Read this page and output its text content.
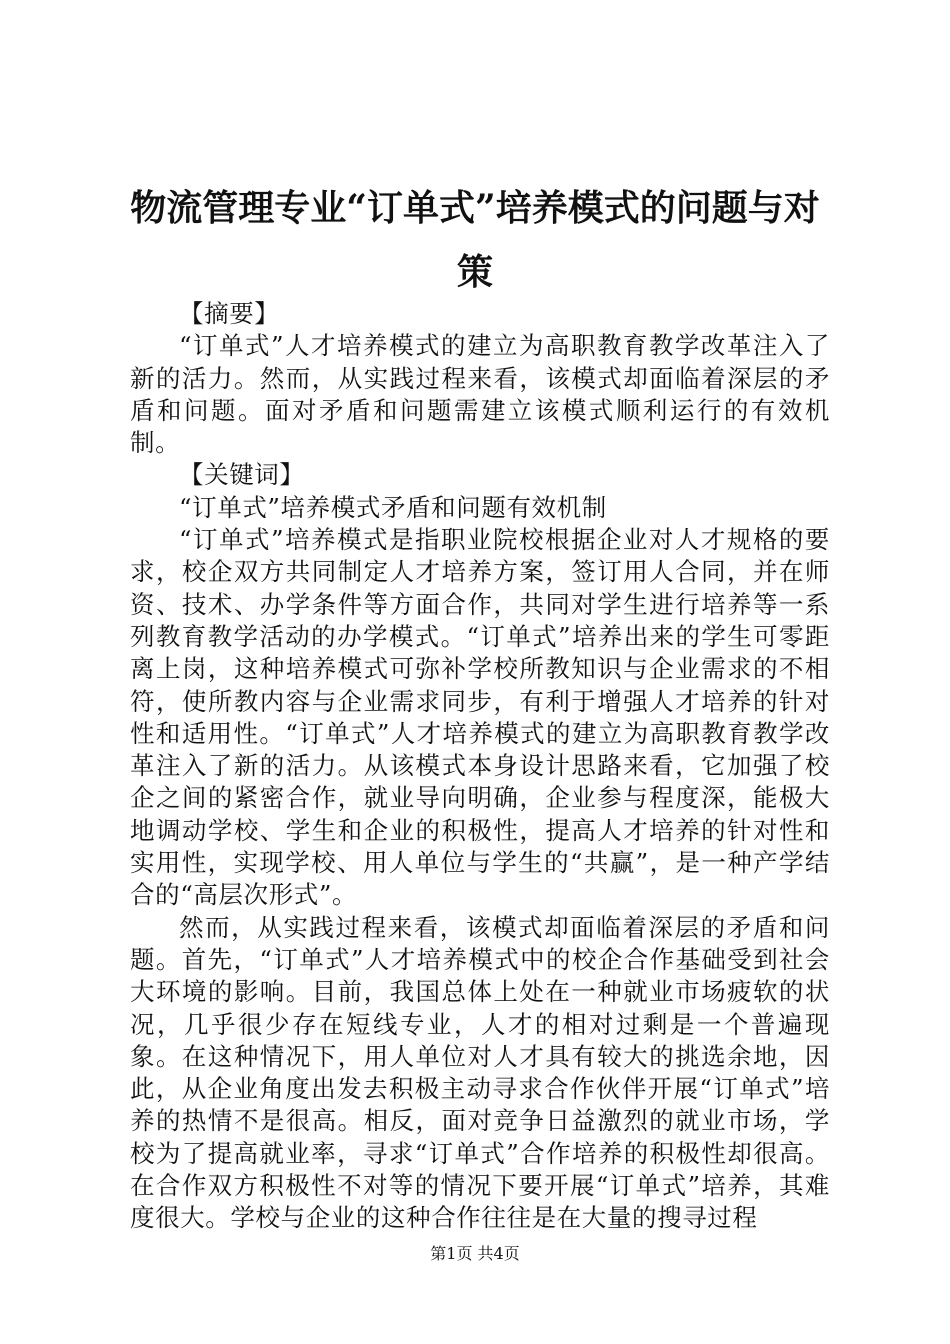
物流管理专业“订单式”培养模式的问题与对策

【摘要】

“订单式”人才培养模式的建立为高职教育教学改革注入了新的活力。然而，从实践过程来看，该模式却面临着深层的矛盾和问题。面对矛盾和问题需建立该模式顺利运行的有效机制。

【关键词】

“订单式”培养模式矛盾和问题有效机制

“订单式”培养模式是指职业院校根据企业对人才规格的要求，校企双方共同制定人才培养方案，签订用人合同，并在师资、技术、办学条件等方面合作，共同对学生进行培养等一系列教育教学活动的办学模式。“订单式”培养出来的学生可零距离上岗，这种培养模式可弥补学校所教知识与企业需求的不相符，使所教内容与企业需求同步，有利于增强人才培养的针对性和适用性。“订单式”人才培养模式的建立为高职教育教学改革注入了新的活力。从该模式本身设计思路来看，它加强了校企之间的紧密合作，就业导向明确，企业参与程度深，能极大地调动学校、学生和企业的积极性，提高人才培养的针对性和实用性，实现学校、用人单位与学生的“共赢”，是一种产学结合的“高层次形式”。

然而，从实践过程来看，该模式却面临着深层的矛盾和问题。首先，“订单式”人才培养模式中的校企合作基础受到社会大环境的影响。目前，我国总体上处在一种就业市场疲软的状况，几乎很少存在短线专业，人才的相对过剩是一个普遍现象。在这种情况下，用人单位对人才具有较大的挑选余地，因此，从企业角度出发去积极主动寻求合作伙伴开展“订单式”培养的热情不是很高。相反，面对竞争日益激烈的就业市场，学校为了提高就业率，寻求“订单式”合作培养的积极性却很高。在合作双方积极性不对等的情况下要开展“订单式”培养，其难度很大。学校与企业的这种合作往往是在大量的搜寻过程

第1页 共4页
